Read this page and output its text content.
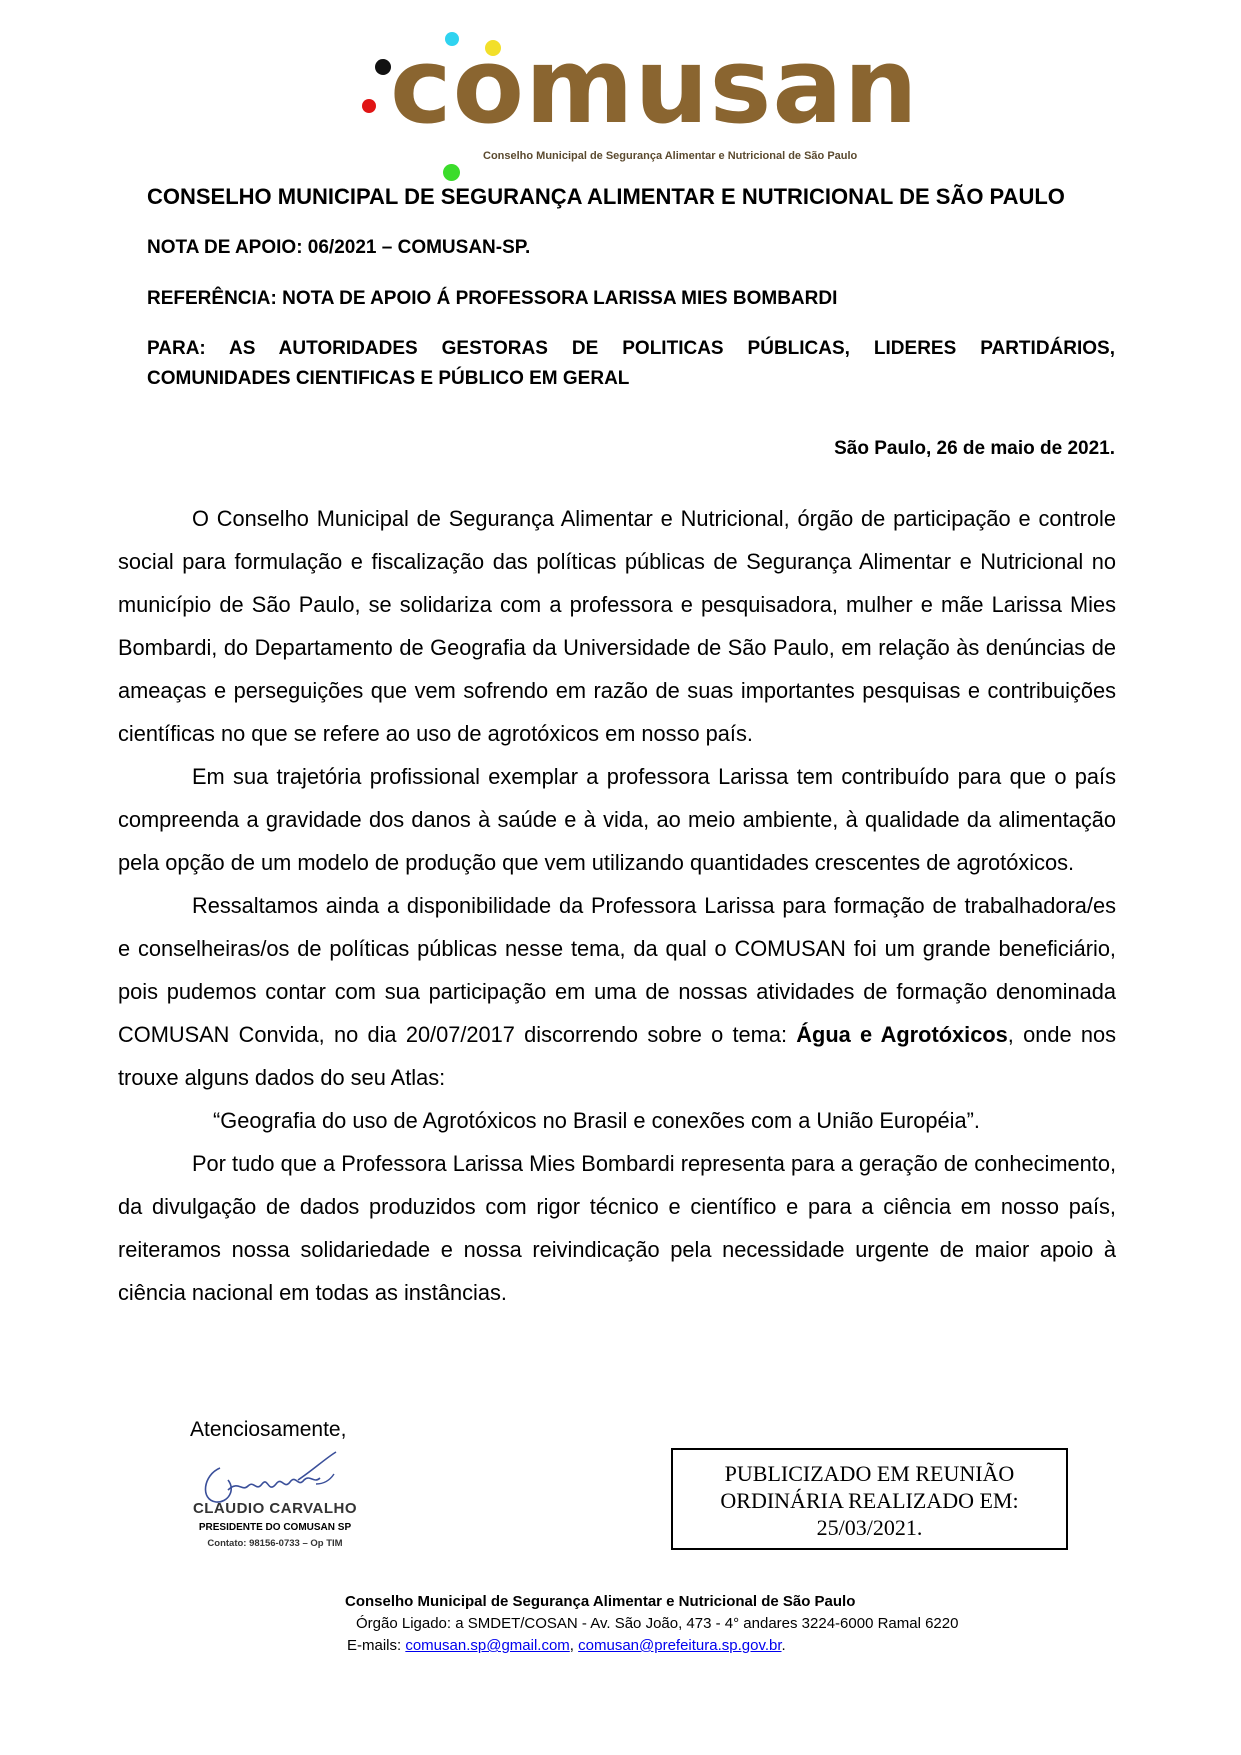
comusan
Conselho Municipal de Segurança Alimentar e Nutricional de São Paulo
CONSELHO MUNICIPAL DE SEGURANÇA ALIMENTAR E NUTRICIONAL DE SÃO PAULO
NOTA DE APOIO: 06/2021 – COMUSAN-SP.
REFERÊNCIA: NOTA DE APOIO Á PROFESSORA LARISSA MIES BOMBARDI
PARA: AS AUTORIDADES GESTORAS DE POLITICAS PÚBLICAS, LIDERES PARTIDÁRIOS,
COMUNIDADES CIENTIFICAS E PÚBLICO EM GERAL
São Paulo, 26 de maio de 2021.

O Conselho Municipal de Segurança Alimentar e Nutricional, órgão de participação e controle social para formulação e fiscalização das políticas públicas de Segurança Alimentar e Nutricional no município de São Paulo, se solidariza com a professora e pesquisadora, mulher e mãe Larissa Mies Bombardi, do Departamento de Geografia da Universidade de São Paulo, em relação às denúncias de ameaças e perseguições que vem sofrendo em razão de suas importantes pesquisas e contribuições científicas no que se refere ao uso de agrotóxicos em nosso país.

Em sua trajetória profissional exemplar a professora Larissa tem contribuído para que o país compreenda a gravidade dos danos à saúde e à vida, ao meio ambiente, à qualidade da alimentação pela opção de um modelo de produção que vem utilizando quantidades crescentes de agrotóxicos.

Ressaltamos ainda a disponibilidade da Professora Larissa para formação de trabalhadora/es e conselheiras/os de políticas públicas nesse tema, da qual o COMUSAN foi um grande beneficiário, pois pudemos contar com sua participação em uma de nossas atividades de formação denominada COMUSAN Convida, no dia 20/07/2017 discorrendo sobre o tema: Água e Agrotóxicos, onde nos trouxe alguns dados do seu Atlas:

“Geografia do uso de Agrotóxicos no Brasil e conexões com a União Européia”.

Por tudo que a Professora Larissa Mies Bombardi representa para a geração de conhecimento, da divulgação de dados produzidos com rigor técnico e científico e para a ciência em nosso país, reiteramos nossa solidariedade e nossa reivindicação pela necessidade urgente de maior apoio à ciência nacional em todas as instâncias.

Atenciosamente,
CLAUDIO CARVALHO
PRESIDENTE DO COMUSAN SP
Contato: 98156-0733 – Op TIM
PUBLICIZADO EM REUNIÃO
ORDINÁRIA REALIZADO EM:
25/03/2021.
Conselho Municipal de Segurança Alimentar e Nutricional de São Paulo
Órgão Ligado: a SMDET/COSAN - Av. São João, 473 - 4° andares 3224-6000 Ramal 6220
E-mails: comusan.sp@gmail.com, comusan@prefeitura.sp.gov.br.
